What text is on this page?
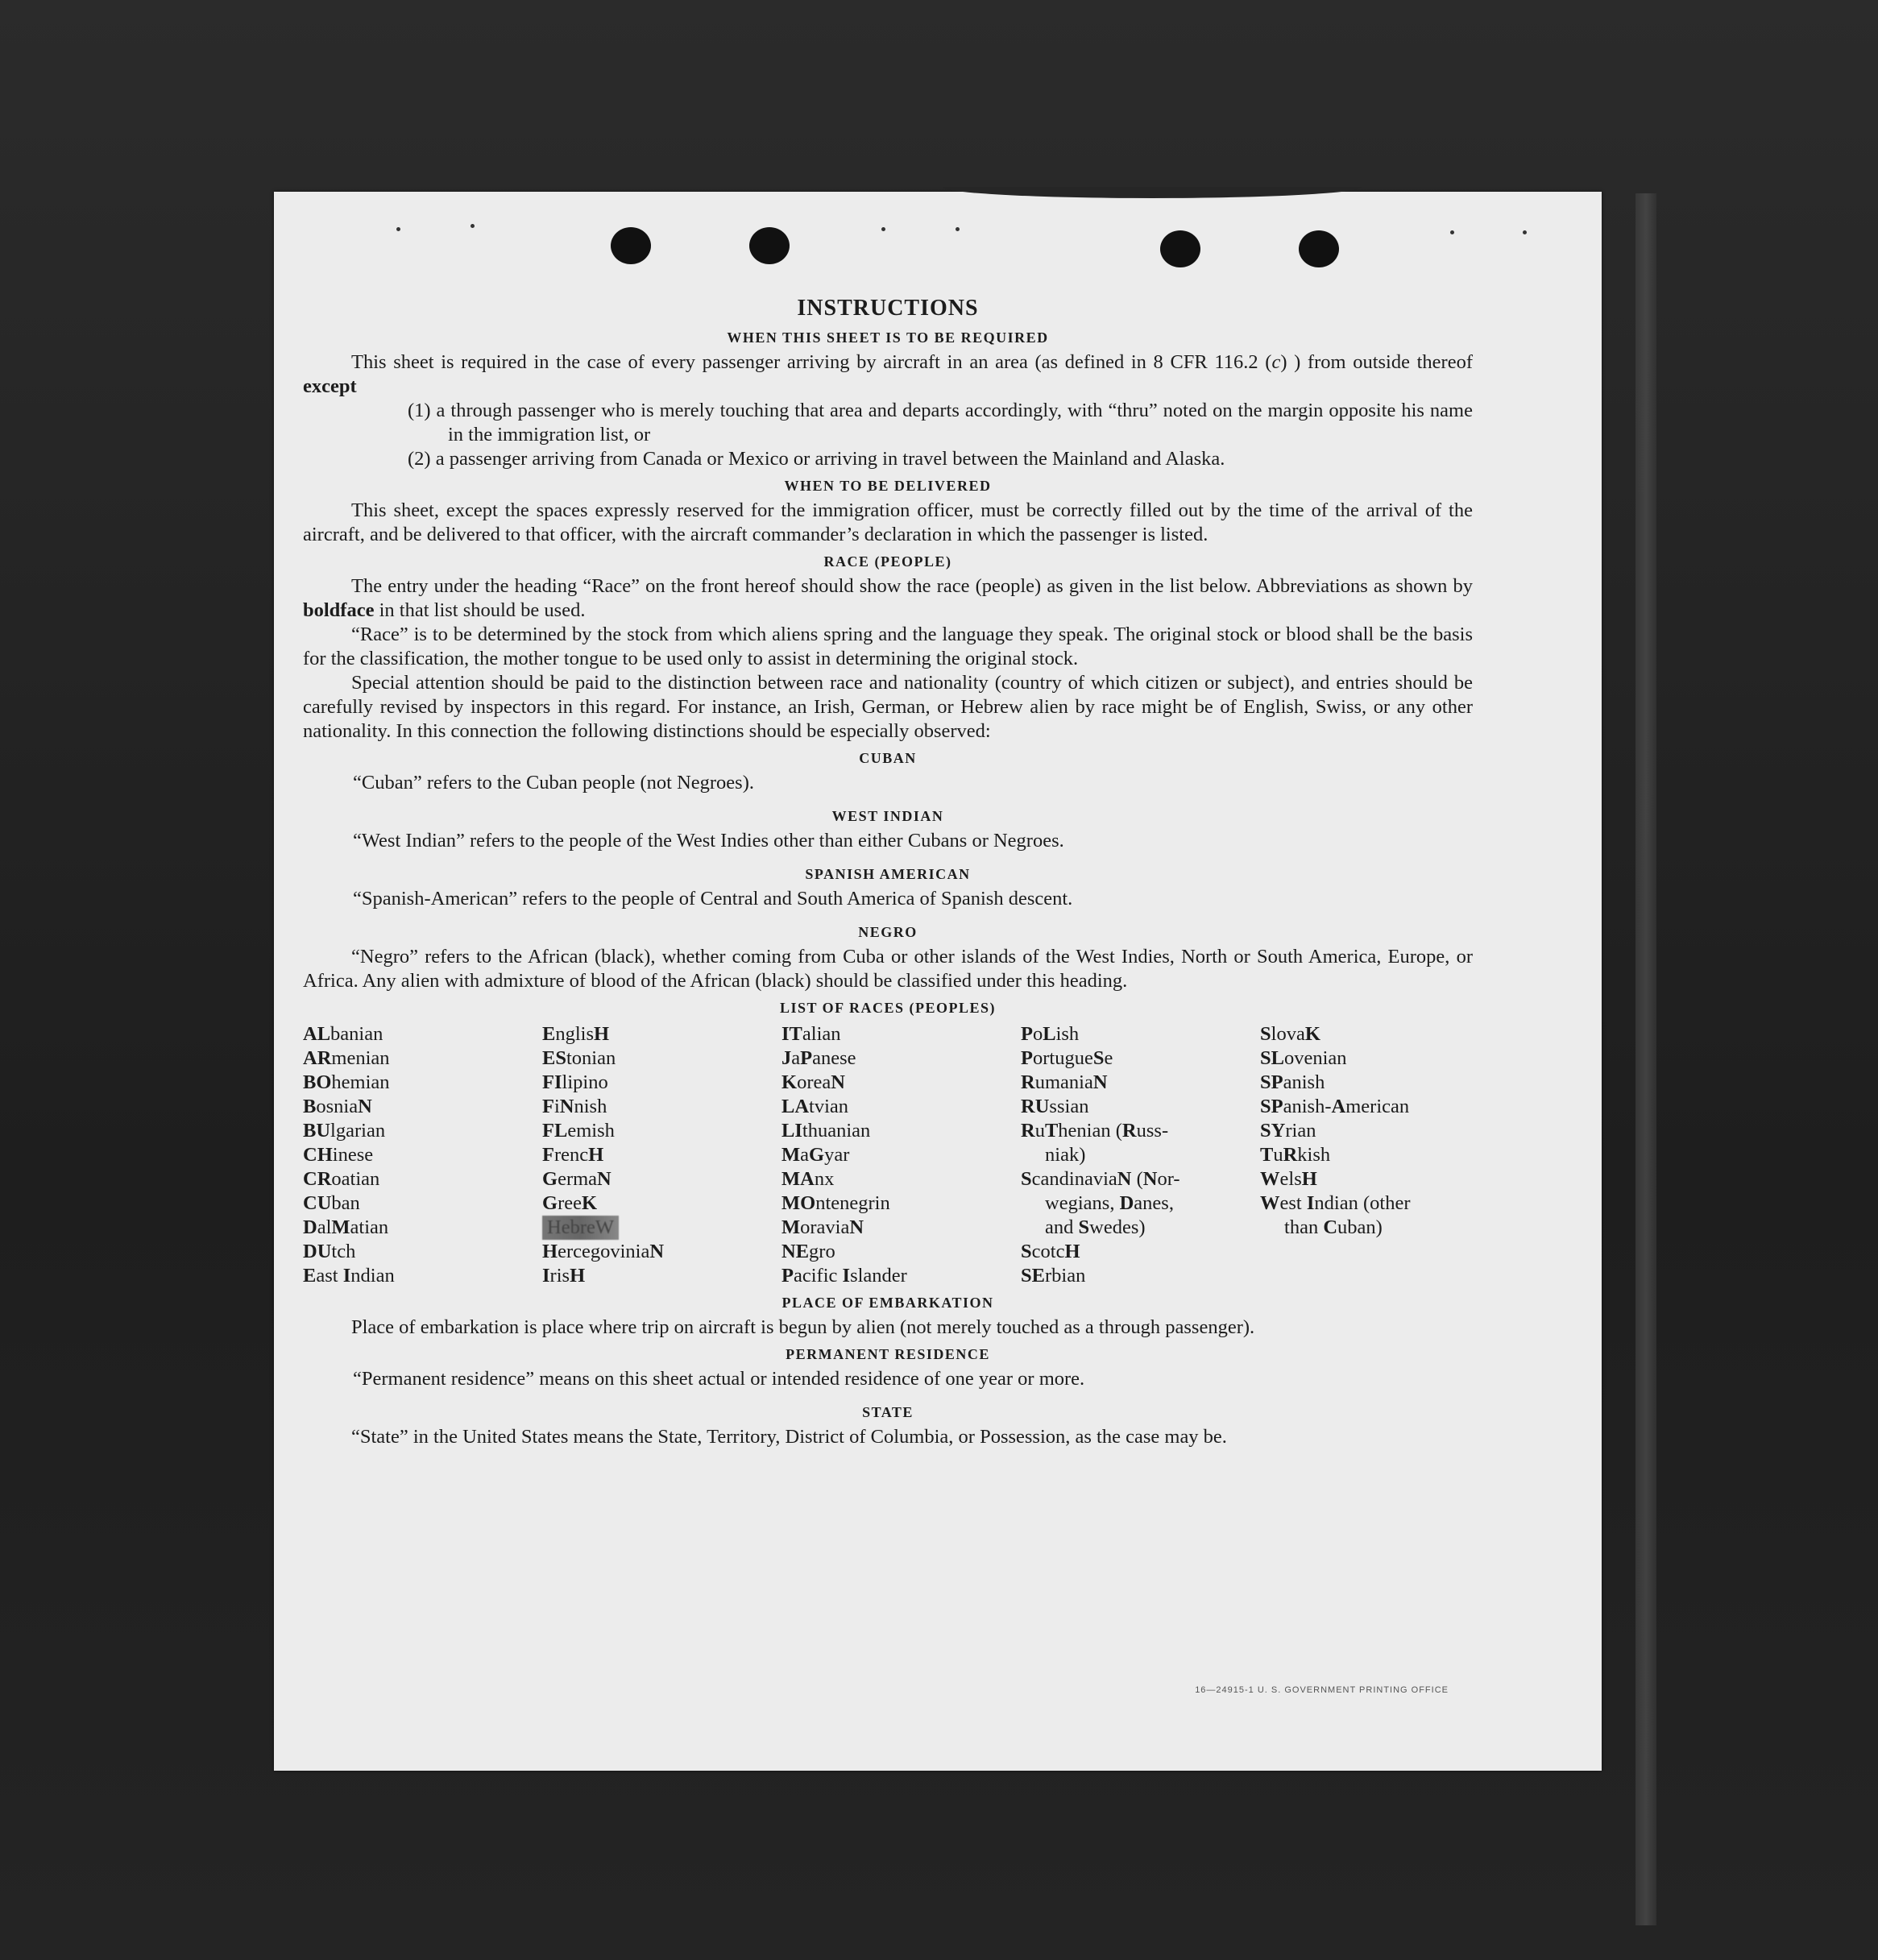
INSTRUCTIONS
WHEN THIS SHEET IS TO BE REQUIRED

This sheet is required in the case of every passenger arriving by aircraft in an area (as defined in 8 CFR 116.2 (c) ) from outside thereof except

(1) a through passenger who is merely touching that area and departs accordingly, with “thru” noted on the margin opposite his name in the immigration list, or

(2) a passenger arriving from Canada or Mexico or arriving in travel between the Mainland and Alaska.

WHEN TO BE DELIVERED

This sheet, except the spaces expressly reserved for the immigration officer, must be correctly filled out by the time of the arrival of the aircraft, and be delivered to that officer, with the aircraft commander’s declaration in which the passenger is listed.

RACE (PEOPLE)

The entry under the heading “Race” on the front hereof should show the race (people) as given in the list below. Abbreviations as shown by boldface in that list should be used.

“Race” is to be determined by the stock from which aliens spring and the language they speak. The original stock or blood shall be the basis for the classification, the mother tongue to be used only to assist in determining the original stock.

Special attention should be paid to the distinction between race and nationality (country of which citizen or subject), and entries should be carefully revised by inspectors in this regard. For instance, an Irish, German, or Hebrew alien by race might be of English, Swiss, or any other nationality. In this connection the following distinctions should be especially observed:

CUBAN

“Cuban” refers to the Cuban people (not Negroes).

WEST INDIAN

“West Indian” refers to the people of the West Indies other than either Cubans or Negroes.

SPANISH AMERICAN

“Spanish-American” refers to the people of Central and South America of Spanish descent.

NEGRO

“Negro” refers to the African (black), whether coming from Cuba or other islands of the West Indies, North or South America, Europe, or Africa. Any alien with admixture of blood of the African (black) should be classified under this heading.

LIST OF RACES (PEOPLES)
ALbanian
ARmenian
BOhemian
BosniaN
BUlgarian
CHinese
CRoatian
CUban
DalMatian
DUtch
East Indian
EnglisH
EStonian
FIlipino
FiNnish
FLemish
FrencH
GermaN
GreeK
HebreW
HercegoviniaN
IrisH
ITalian
JaPanese
KoreaN
LAtvian
LIthuanian
MaGyar
MAnx
MOntenegrin
MoraviaN
NEgro
Pacific Islander
PoLish
PortugueSe
RumaniaN
RUssian
RuThenian (Russ-
niak)
ScandinaviaN (Nor-
wegians, Danes,
and Swedes)
ScotcH
SErbian
SlovaK
SLovenian
SPanish
SPanish-American
SYrian
TuRkish
WelsH
West Indian (other
than Cuban)
PLACE OF EMBARKATION

Place of embarkation is place where trip on aircraft is begun by alien (not merely touched as a through passenger).

PERMANENT RESIDENCE

“Permanent residence” means on this sheet actual or intended residence of one year or more.

STATE

“State” in the United States means the State, Territory, District of Columbia, or Possession, as the case may be.

16—24915-1 U. S. GOVERNMENT PRINTING OFFICE
